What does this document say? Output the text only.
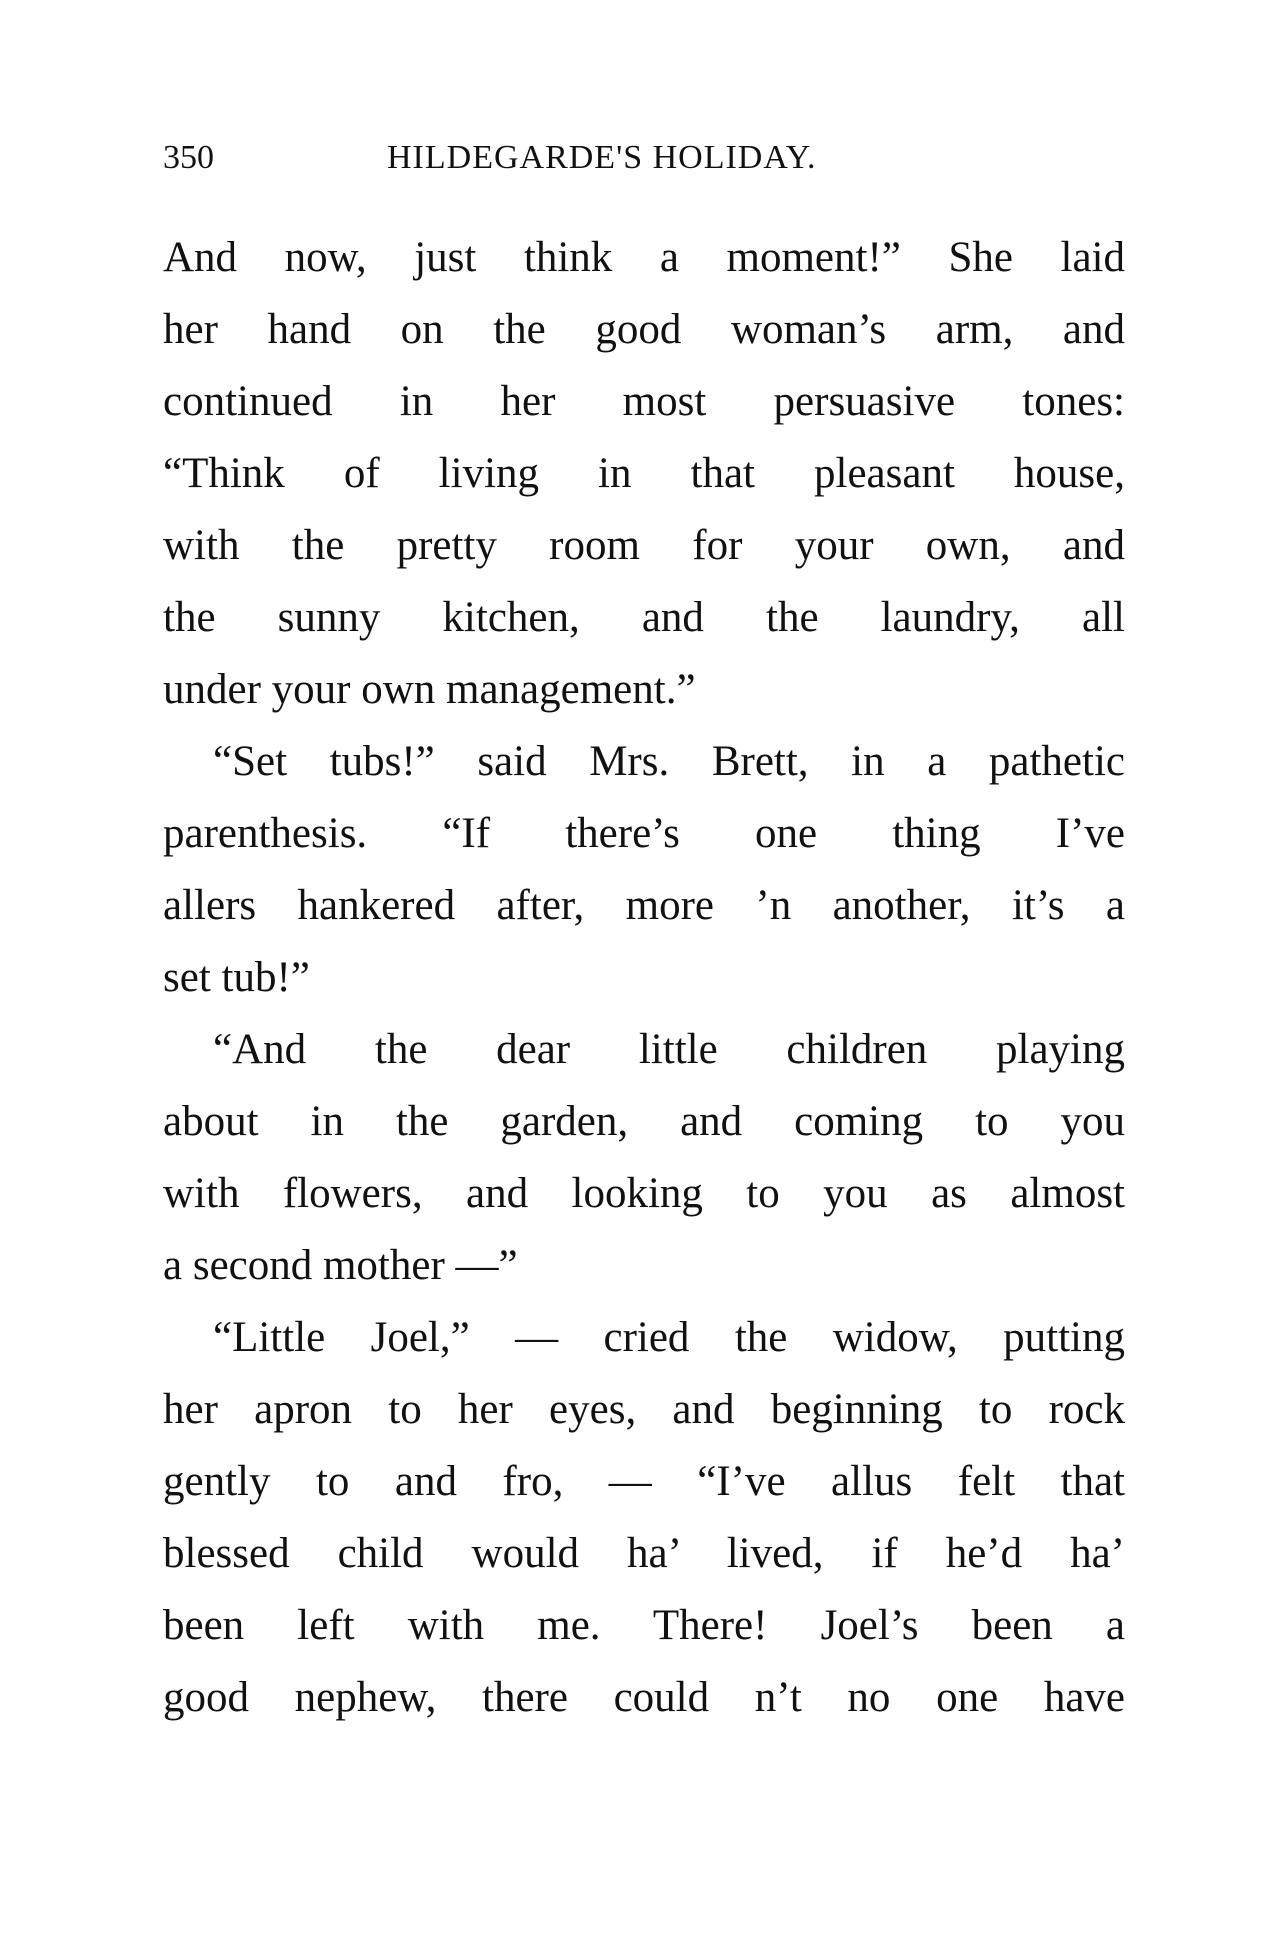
350	HILDEGARDE'S HOLIDAY.
And now, just think a moment!” She laid
her hand on the good woman’s arm, and
continued in her most persuasive tones:
“Think of living in that pleasant house,
with the pretty room for your own, and
the sunny kitchen, and the laundry, all
under your own management.”
“Set tubs!” said Mrs. Brett, in a pathetic
parenthesis. “If there’s one thing I’ve
allers hankered after, more ’n another, it’s a
set tub!”
“And the dear little children playing
about in the garden, and coming to you
with flowers, and looking to you as almost
a second mother —”
“Little Joel,” — cried the widow, putting
her apron to her eyes, and beginning to rock
gently to and fro, — “I’ve allus felt that
blessed child would ha’ lived, if he’d ha’
been left with me. There! Joel’s been a
good nephew, there could n’t no one have
